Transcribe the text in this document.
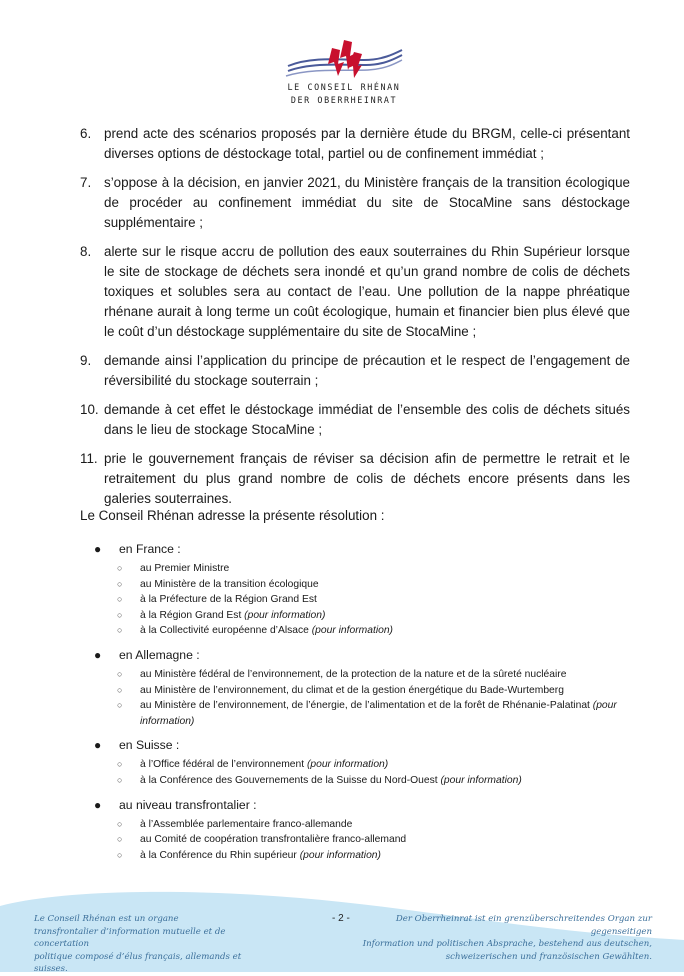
LE CONSEIL RHÉNAN
DER OBERRHEINRAT
6. prend acte des scénarios proposés par la dernière étude du BRGM, celle-ci présentant diverses options de déstockage total, partiel ou de confinement immédiat ;
7. s’oppose à la décision, en janvier 2021, du Ministère français de la transition écologique de procéder au confinement immédiat du site de StocaMine sans déstockage supplémentaire ;
8. alerte sur le risque accru de pollution des eaux souterraines du Rhin Supérieur lorsque le site de stockage de déchets sera inondé et qu’un grand nombre de colis de déchets toxiques et solubles sera au contact de l’eau. Une pollution de la nappe phréatique rhénane aurait à long terme un coût écologique, humain et financier bien plus élevé que le coût d’un déstockage supplémentaire du site de StocaMine ;
9. demande ainsi l’application du principe de précaution et le respect de l’engagement de réversibilité du stockage souterrain ;
10. demande à cet effet le déstockage immédiat de l’ensemble des colis de déchets situés dans le lieu de stockage StocaMine ;
11. prie le gouvernement français de réviser sa décision afin de permettre le retrait et le retraitement du plus grand nombre de colis de déchets encore présents dans les galeries souterraines.
Le Conseil Rhénan adresse la présente résolution :
● en France :
○ au Premier Ministre
○ au Ministère de la transition écologique
○ à la Préfecture de la Région Grand Est
○ à la Région Grand Est (pour information)
○ à la Collectivité européenne d’Alsace (pour information)
● en Allemagne :
○ au Ministère fédéral de l’environnement, de la protection de la nature et de la sûreté nucléaire
○ au Ministère de l’environnement, du climat et de la gestion énergétique du Bade-Wurtemberg
○ au Ministère de l’environnement, de l’énergie, de l’alimentation et de la forêt de Rhénanie-Palatinat (pour information)
● en Suisse :
○ à l’Office fédéral de l’environnement (pour information)
○ à la Conférence des Gouvernements de la Suisse du Nord-Ouest (pour information)
● au niveau transfrontalier :
○ à l’Assemblée parlementaire franco-allemande
○ au Comité de coopération transfrontalière franco-allemand
○ à la Conférence du Rhin supérieur (pour information)
Le Conseil Rhénan est un organe
transfrontalier d’information mutuelle et de concertation
politique composé d’élus français, allemands et suisses.
- 2 -	Der Oberrheinrat ist ein grenzüberschreitendes Organ zur gegenseitigen
Information und politischen Absprache, bestehend aus deutschen,
schweizerischen und französischen Gewählten.
